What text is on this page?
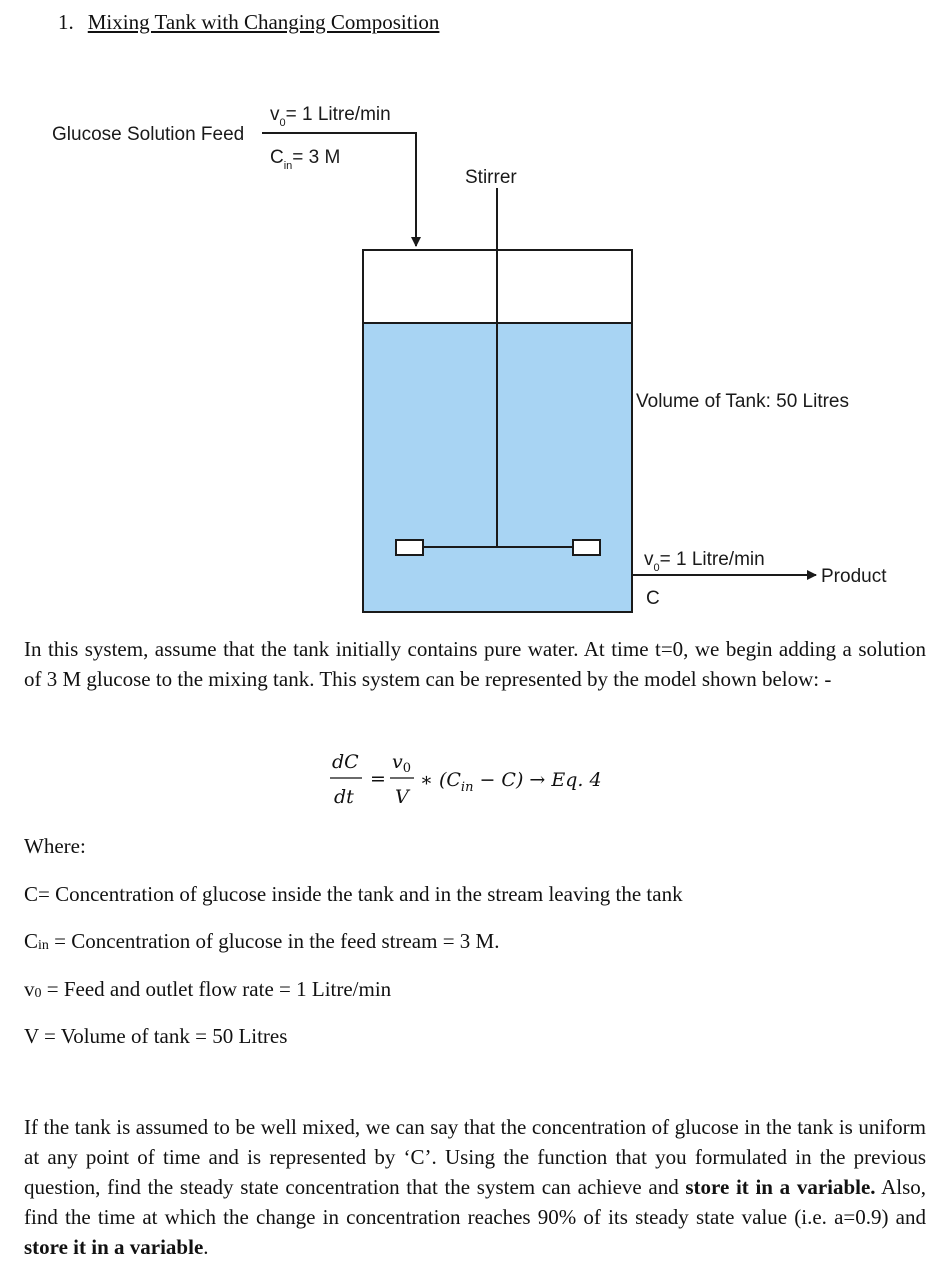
1. Mixing Tank with Changing Composition
Glucose Solution Feed
$v_0= 1$ Litre/min
$C_{in}= 3$ M
Stirrer
Volume of Tank: 50 Litres
$v_0= 1$ Litre/min
C
Product

In this system, assume that the tank initially contains pure water. At time t=0, we begin adding a solution of 3 M glucose to the mixing tank. This system can be represented by the model shown below: -

dC
dt
=
$v_0$
V
∗ $(C_{in} - C) \to Eq$. 4
Where:
C= Concentration of glucose inside the tank and in the stream leaving the tank
Cin = Concentration of glucose in the feed stream = 3 M.
v0 = Feed and outlet flow rate = 1 Litre/min
V = Volume of tank = 50 Litres

If the tank is assumed to be well mixed, we can say that the concentration of glucose in the tank is uniform at any point of time and is represented by ‘C’. Using the function that you formulated in the previous question, find the steady state concentration that the system can achieve and store it in a variable. Also, find the time at which the change in concentration reaches 90% of its steady state value (i.e. a=0.9) and store it in a variable.
